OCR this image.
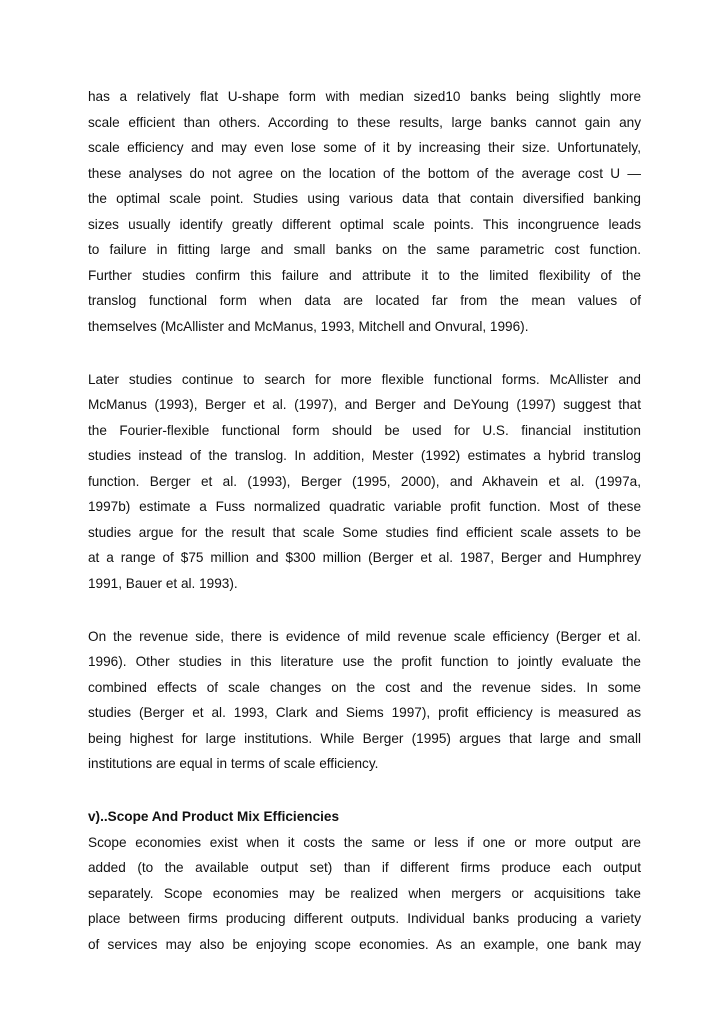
has a relatively flat U-shape form with median sized10 banks being slightly more
scale efficient than others. According to these results, large banks cannot gain any
scale efficiency and may even lose some of it by increasing their size. Unfortunately,
these analyses do not agree on the location of the bottom of the average cost U —
the optimal scale point. Studies using various data that contain diversified banking
sizes usually identify greatly different optimal scale points. This incongruence leads
to failure in fitting large and small banks on the same parametric cost function.
Further studies confirm this failure and attribute it to the limited flexibility of the
translog functional form when data are located far from the mean values of
themselves (McAllister and McManus, 1993, Mitchell and Onvural, 1996).
Later studies continue to search for more flexible functional forms. McAllister and
McManus (1993), Berger et al. (1997), and Berger and DeYoung (1997) suggest that
the Fourier-flexible functional form should be used for U.S. financial institution
studies instead of the translog. In addition, Mester (1992) estimates a hybrid translog
function. Berger et al. (1993), Berger (1995, 2000), and Akhavein et al. (1997a,
1997b) estimate a Fuss normalized quadratic variable profit function. Most of these
studies argue for the result that scale Some studies find efficient scale assets to be
at a range of $75 million and $300 million (Berger et al. 1987, Berger and Humphrey
1991, Bauer et al. 1993).
On the revenue side, there is evidence of mild revenue scale efficiency (Berger et al.
1996). Other studies in this literature use the profit function to jointly evaluate the
combined effects of scale changes on the cost and the revenue sides. In some
studies (Berger et al. 1993, Clark and Siems 1997), profit efficiency is measured as
being highest for large institutions. While Berger (1995) argues that large and small
institutions are equal in terms of scale efficiency.
v)..Scope And Product Mix Efficiencies
Scope economies exist when it costs the same or less if one or more output are
added (to the available output set) than if different firms produce each output
separately. Scope economies may be realized when mergers or acquisitions take
place between firms producing different outputs. Individual banks producing a variety
of services may also be enjoying scope economies. As an example, one bank may
